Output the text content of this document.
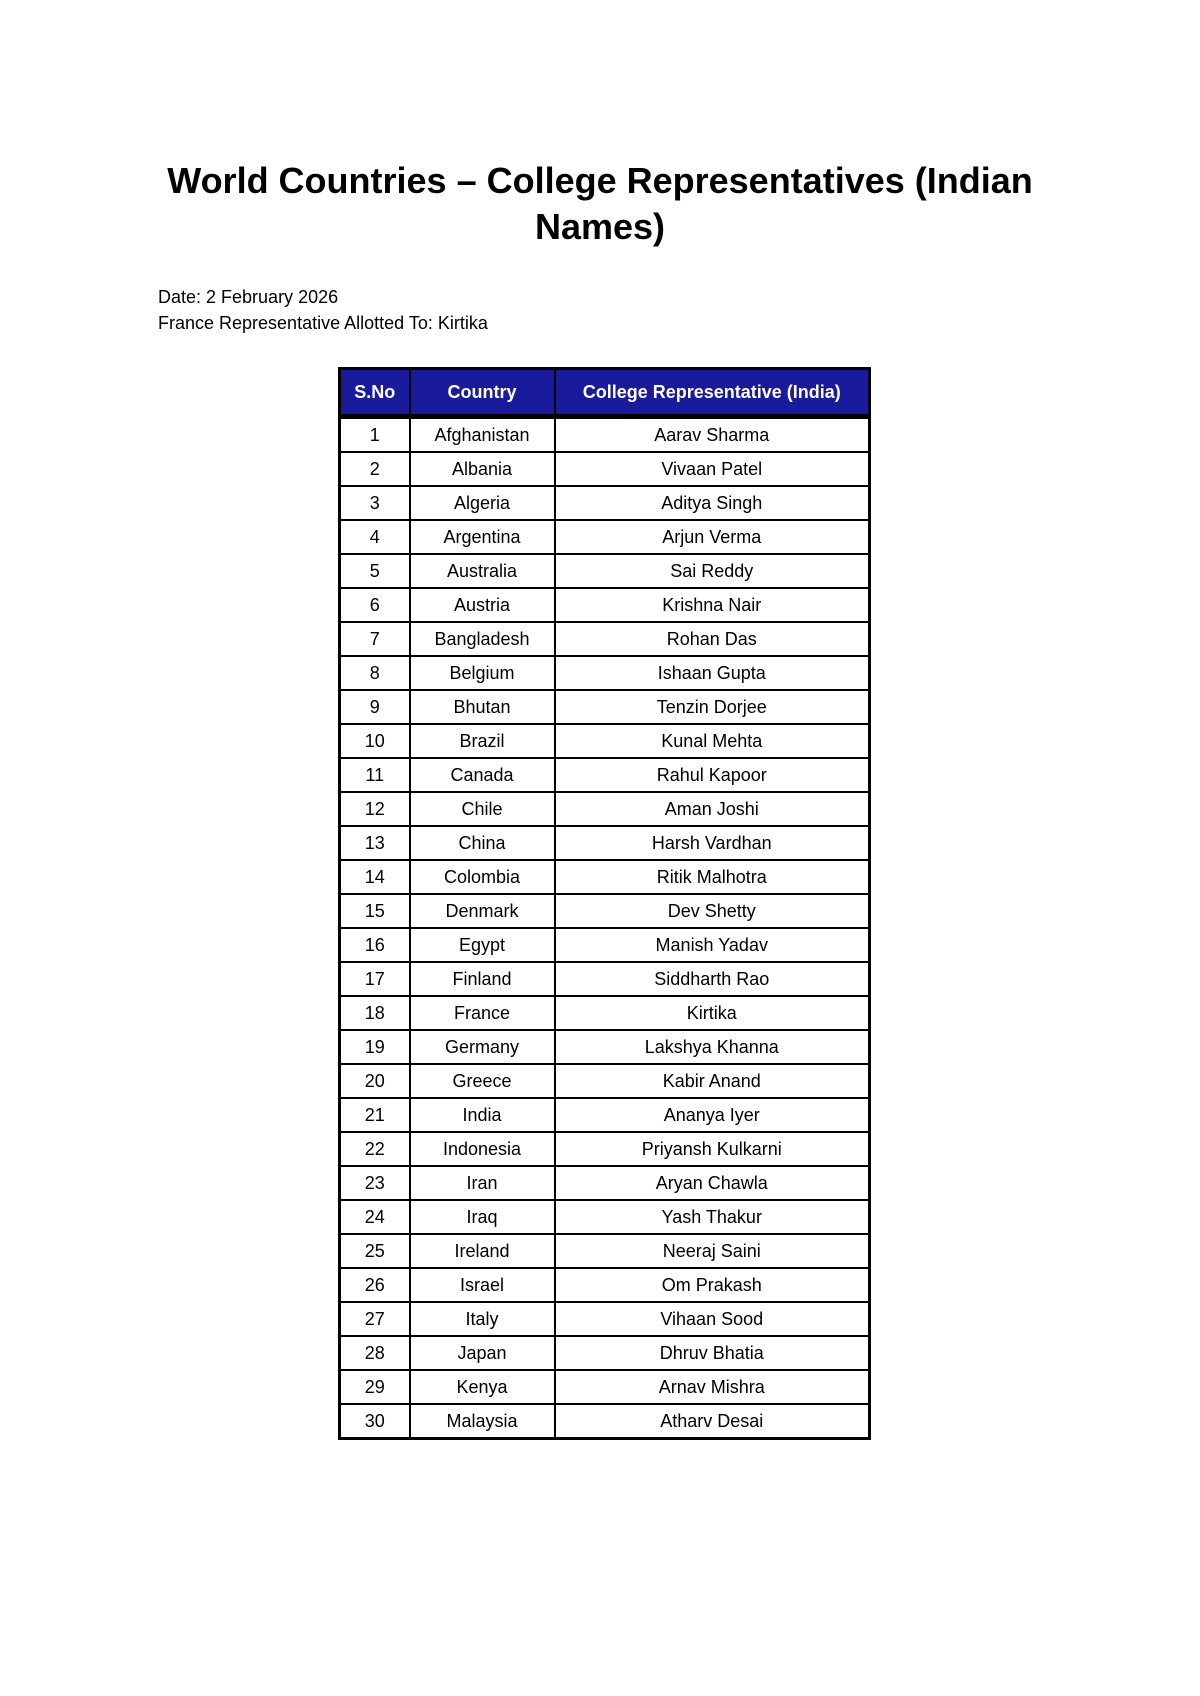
World Countries – College Representatives (Indian Names)
Date: 2 February 2026
France Representative Allotted To: Kirtika
S.No	Country	College Representative (India)
1	Afghanistan	Aarav Sharma
2	Albania	Vivaan Patel
3	Algeria	Aditya Singh
4	Argentina	Arjun Verma
5	Australia	Sai Reddy
6	Austria	Krishna Nair
7	Bangladesh	Rohan Das
8	Belgium	Ishaan Gupta
9	Bhutan	Tenzin Dorjee
10	Brazil	Kunal Mehta
11	Canada	Rahul Kapoor
12	Chile	Aman Joshi
13	China	Harsh Vardhan
14	Colombia	Ritik Malhotra
15	Denmark	Dev Shetty
16	Egypt	Manish Yadav
17	Finland	Siddharth Rao
18	France	Kirtika
19	Germany	Lakshya Khanna
20	Greece	Kabir Anand
21	India	Ananya Iyer
22	Indonesia	Priyansh Kulkarni
23	Iran	Aryan Chawla
24	Iraq	Yash Thakur
25	Ireland	Neeraj Saini
26	Israel	Om Prakash
27	Italy	Vihaan Sood
28	Japan	Dhruv Bhatia
29	Kenya	Arnav Mishra
30	Malaysia	Atharv Desai
